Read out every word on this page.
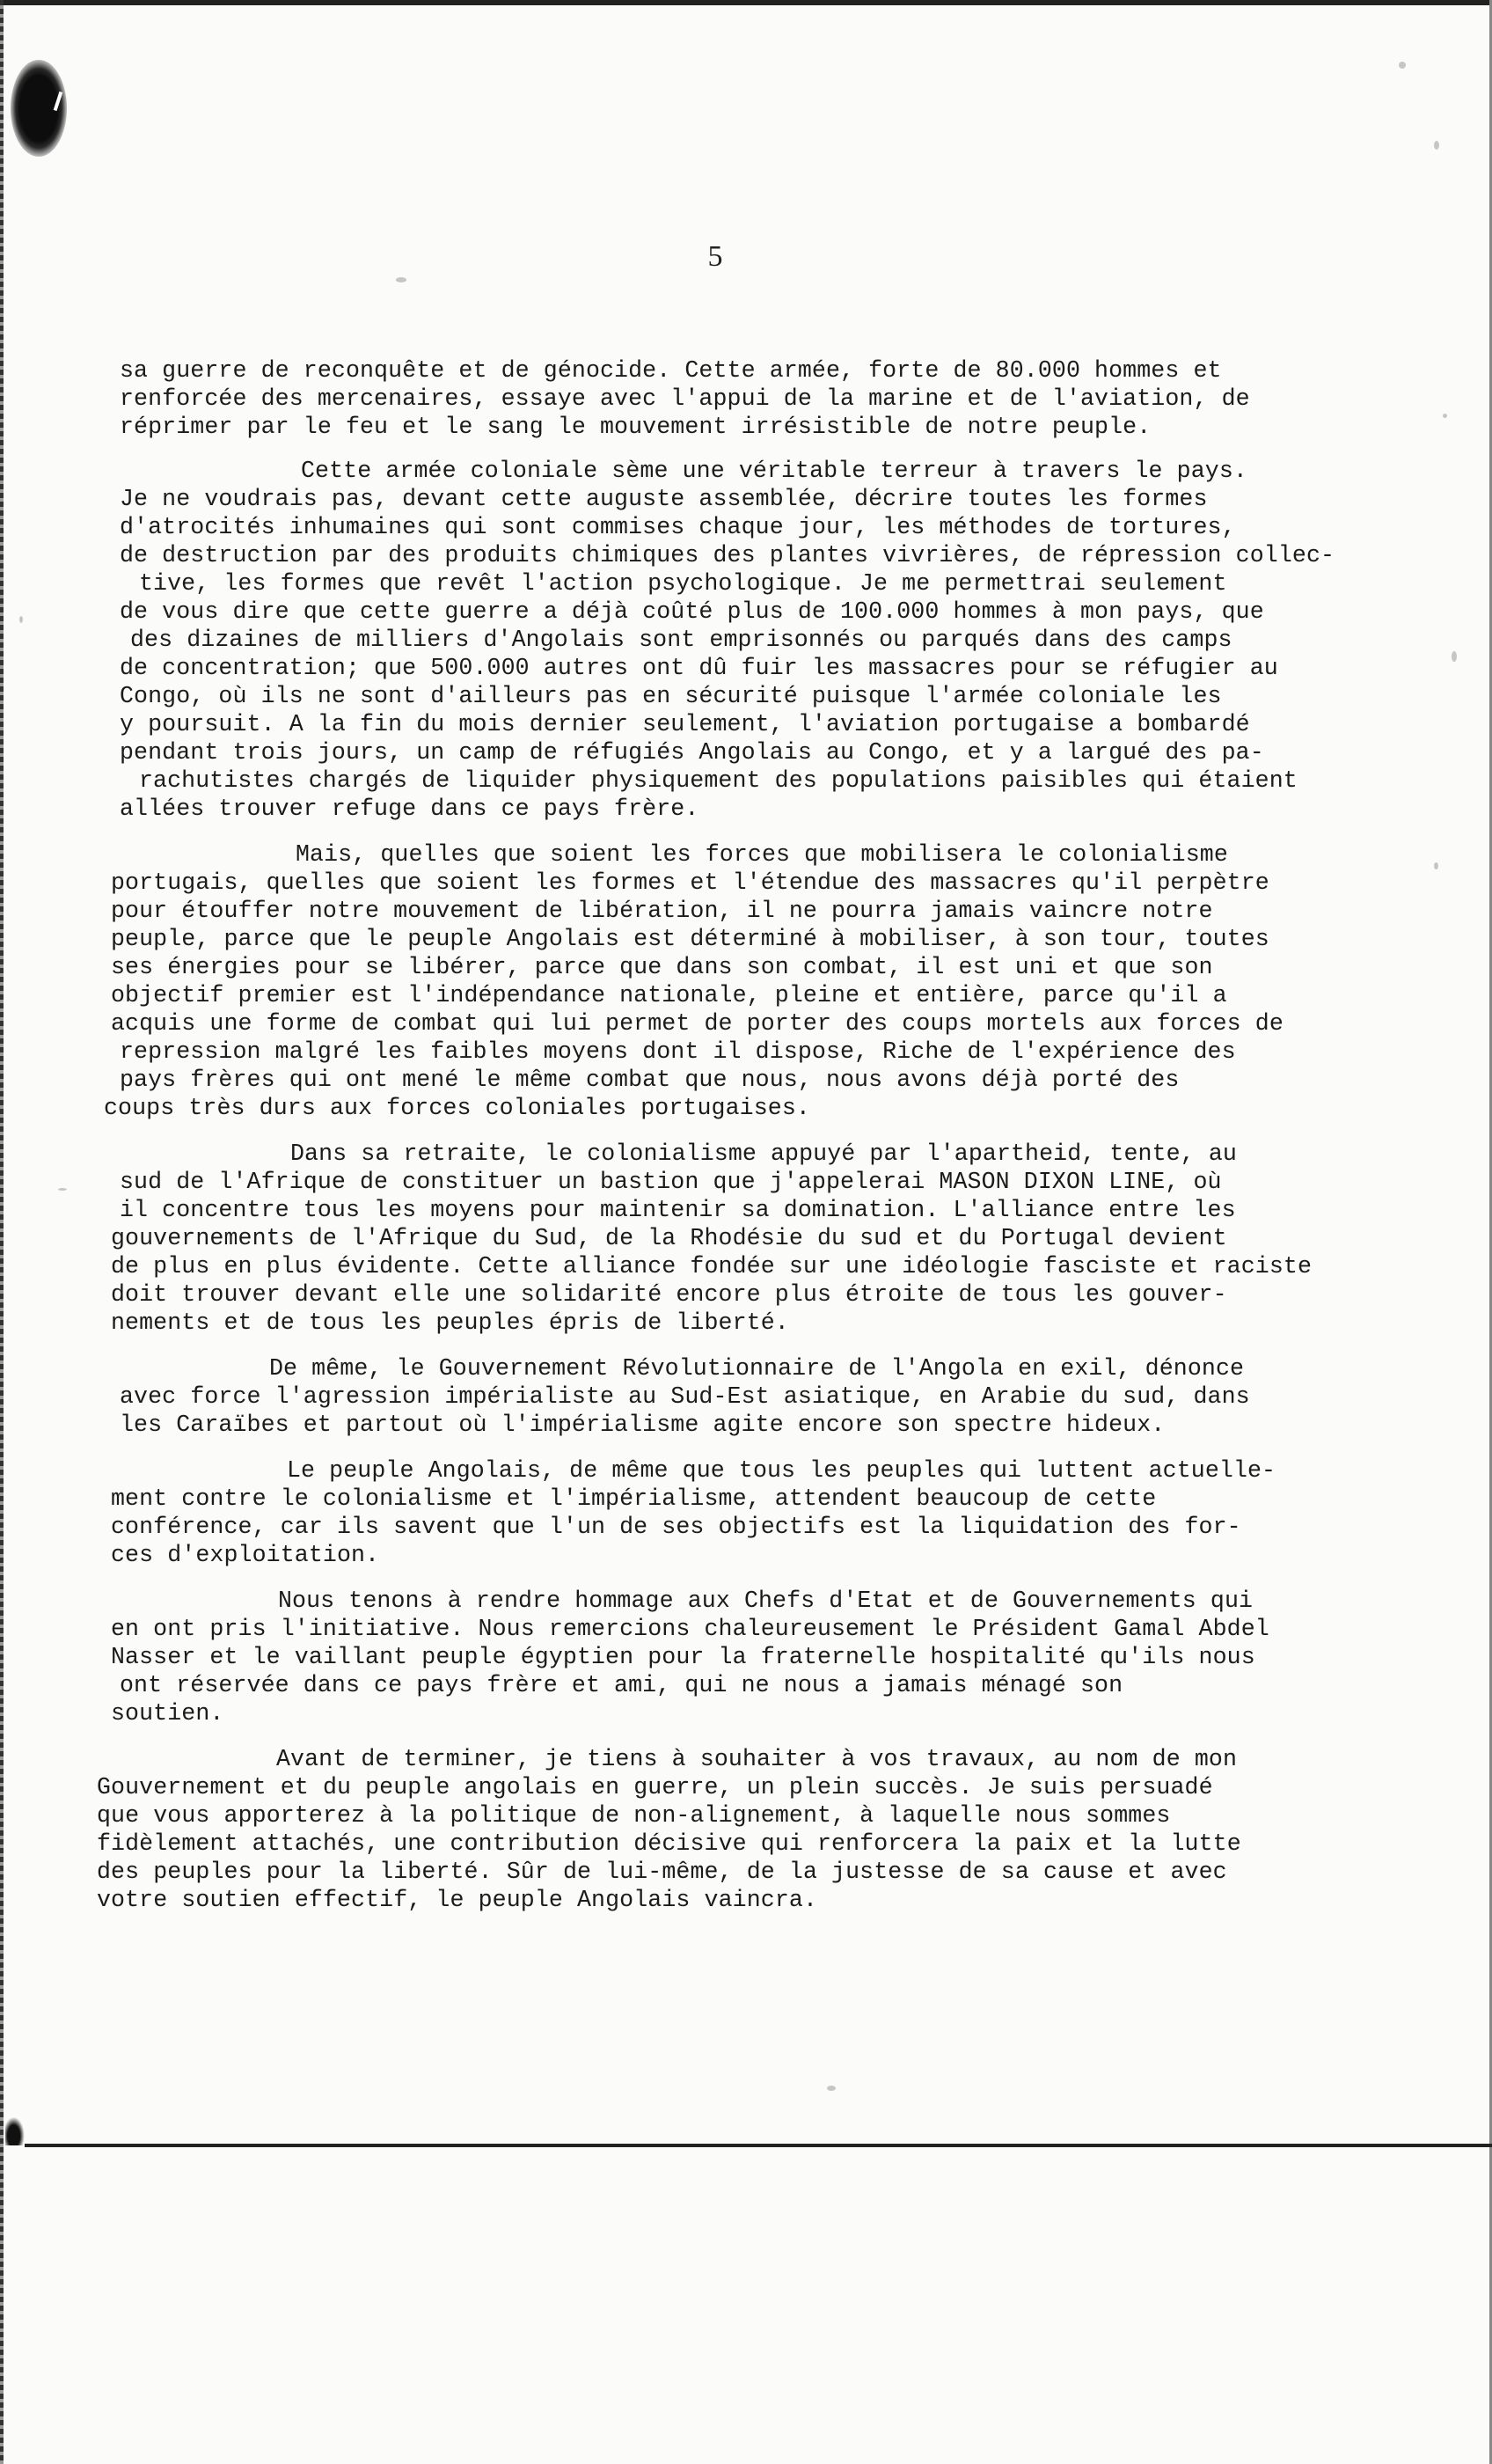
5
sa guerre de reconquête et de génocide. Cette armée, forte de 80.000 hommes et
renforcée des mercenaires, essaye avec l'appui de la marine et de l'aviation, de
réprimer par le feu et le sang le mouvement irrésistible de notre peuple.
Cette armée coloniale sème une véritable terreur à travers le pays.
Je ne voudrais pas, devant cette auguste assemblée, décrire toutes les formes
d'atrocités inhumaines qui sont commises chaque jour, les méthodes de tortures,
de destruction par des produits chimiques des plantes vivrières, de répression collec-
tive, les formes que revêt l'action psychologique. Je me permettrai seulement
de vous dire que cette guerre a déjà coûté plus de 100.000 hommes à mon pays, que
des dizaines de milliers d'Angolais sont emprisonnés ou parqués dans des camps
de concentration; que 500.000 autres ont dû fuir les massacres pour se réfugier au
Congo, où ils ne sont d'ailleurs pas en sécurité puisque l'armée coloniale les
y poursuit. A la fin du mois dernier seulement, l'aviation portugaise a bombardé
pendant trois jours, un camp de réfugiés Angolais au Congo, et y a largué des pa-
rachutistes chargés de liquider physiquement des populations paisibles qui étaient
allées trouver refuge dans ce pays frère.
Mais, quelles que soient les forces que mobilisera le colonialisme
portugais, quelles que soient les formes et l'étendue des massacres qu'il perpètre
pour étouffer notre mouvement de libération, il ne pourra jamais vaincre notre
peuple, parce que le peuple Angolais est déterminé à mobiliser, à son tour, toutes
ses énergies pour se libérer, parce que dans son combat, il est uni et que son
objectif premier est l'indépendance nationale, pleine et entière, parce qu'il a
acquis une forme de combat qui lui permet de porter des coups mortels aux forces de
repression malgré les faibles moyens dont il dispose, Riche de l'expérience des
pays frères qui ont mené le même combat que nous, nous avons déjà porté des
coups très durs aux forces coloniales portugaises.
Dans sa retraite, le colonialisme appuyé par l'apartheid, tente, au
sud de l'Afrique de constituer un bastion que j'appelerai MASON DIXON LINE, où
il concentre tous les moyens pour maintenir sa domination. L'alliance entre les
gouvernements de l'Afrique du Sud, de la Rhodésie du sud et du Portugal devient
de plus en plus évidente. Cette alliance fondée sur une idéologie fasciste et raciste
doit trouver devant elle une solidarité encore plus étroite de tous les gouver-
nements et de tous les peuples épris de liberté.
De même, le Gouvernement Révolutionnaire de l'Angola en exil, dénonce
avec force l'agression impérialiste au Sud-Est asiatique, en Arabie du sud, dans
les Caraïbes et partout où l'impérialisme agite encore son spectre hideux.
Le peuple Angolais, de même que tous les peuples qui luttent actuelle-
ment contre le colonialisme et l'impérialisme, attendent beaucoup de cette
conférence, car ils savent que l'un de ses objectifs est la liquidation des for-
ces d'exploitation.
Nous tenons à rendre hommage aux Chefs d'Etat et de Gouvernements qui
en ont pris l'initiative. Nous remercions chaleureusement le Président Gamal Abdel
Nasser et le vaillant peuple égyptien pour la fraternelle hospitalité qu'ils nous
ont réservée dans ce pays frère et ami, qui ne nous a jamais ménagé son
soutien.
Avant de terminer, je tiens à souhaiter à vos travaux, au nom de mon
Gouvernement et du peuple angolais en guerre, un plein succès. Je suis persuadé
que vous apporterez à la politique de non-alignement, à laquelle nous sommes
fidèlement attachés, une contribution décisive qui renforcera la paix et la lutte
des peuples pour la liberté. Sûr de lui-même, de la justesse de sa cause et avec
votre soutien effectif, le peuple Angolais vaincra.
